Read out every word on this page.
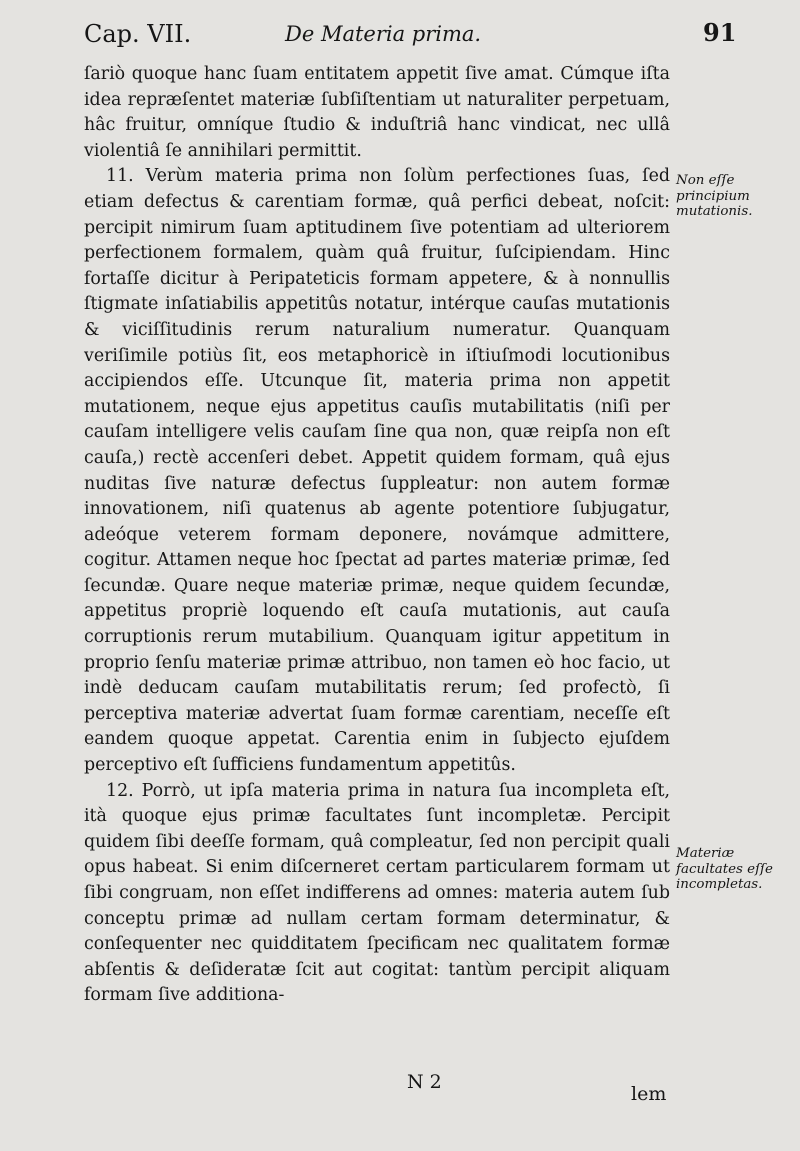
Cap. VII.	De Materia prima.	91

ſariò quoque hanc ſuam entitatem appetit ſive amat. Cúmque iſta idea repræſentet materiæ ſubſiſtentiam ut naturaliter perpetuam, hâc fruitur, omníque ſtudio & induſtriâ hanc vindicat, nec ullâ violentiâ ſe annihilari permittit.

11. Verùm materia prima non ſolùm perfectiones ſuas, ſed etiam defectus & carentiam formæ, quâ perfici debeat, noſcit: percipit nimirum ſuam aptitudinem ſive potentiam ad ulteriorem perfectionem formalem, quàm quâ fruitur, ſuſcipiendam. Hinc fortaſſe dicitur à Peripateticis formam appetere, & à nonnullis ſtigmate inſatiabilis appetitûs notatur, intérque cauſas mutationis & viciſſitudinis rerum naturalium numeratur. Quanquam veriſimile potiùs ſit, eos metaphoricè in iſtiuſmodi locutionibus accipiendos eſſe. Utcunque ſit, materia prima non appetit mutationem, neque ejus appetitus cauſis mutabilitatis (niſi per cauſam intelligere velis cauſam ſine qua non, quæ reipſa non eſt cauſa,) rectè accenſeri debet. Appetit quidem formam, quâ ejus nuditas ſive naturæ defectus ſuppleatur: non autem formæ innovationem, niſi quatenus ab agente potentiore ſubjugatur, adeóque veterem formam deponere, novámque admittere, cogitur. Attamen neque hoc ſpectat ad partes materiæ primæ, ſed ſecundæ. Quare neque materiæ primæ, neque quidem ſecundæ, appetitus propriè loquendo eſt cauſa mutationis, aut cauſa corruptionis rerum mutabilium. Quanquam igitur appetitum in proprio ſenſu materiæ primæ attribuo, non tamen eò hoc facio, ut indè deducam cauſam mutabilitatis rerum; ſed profectò, ſi perceptiva materiæ advertat ſuam formæ carentiam, neceſſe eſt eandem quoque appetat. Carentia enim in ſubjecto ejuſdem perceptivo eſt ſufficiens fundamentum appetitûs.

12. Porrò, ut ipſa materia prima in natura ſua incompleta eſt, ità quoque ejus primæ facultates ſunt incompletæ. Percipit quidem ſibi deeſſe formam, quâ compleatur, ſed non percipit quali opus habeat. Si enim diſcerneret certam particularem formam ut ſibi congruam, non eſſet indifferens ad omnes: materia autem ſub conceptu primæ ad nullam certam formam determinatur, & conſequenter nec quidditatem ſpecificam nec qualitatem formæ abſentis & deſideratæ ſcit aut cogitat: tantùm percipit aliquam formam ſive additiona-

Non eſſe principium mutationis.
Materiæ facultates eſſe incompletas.
N 2
lem
